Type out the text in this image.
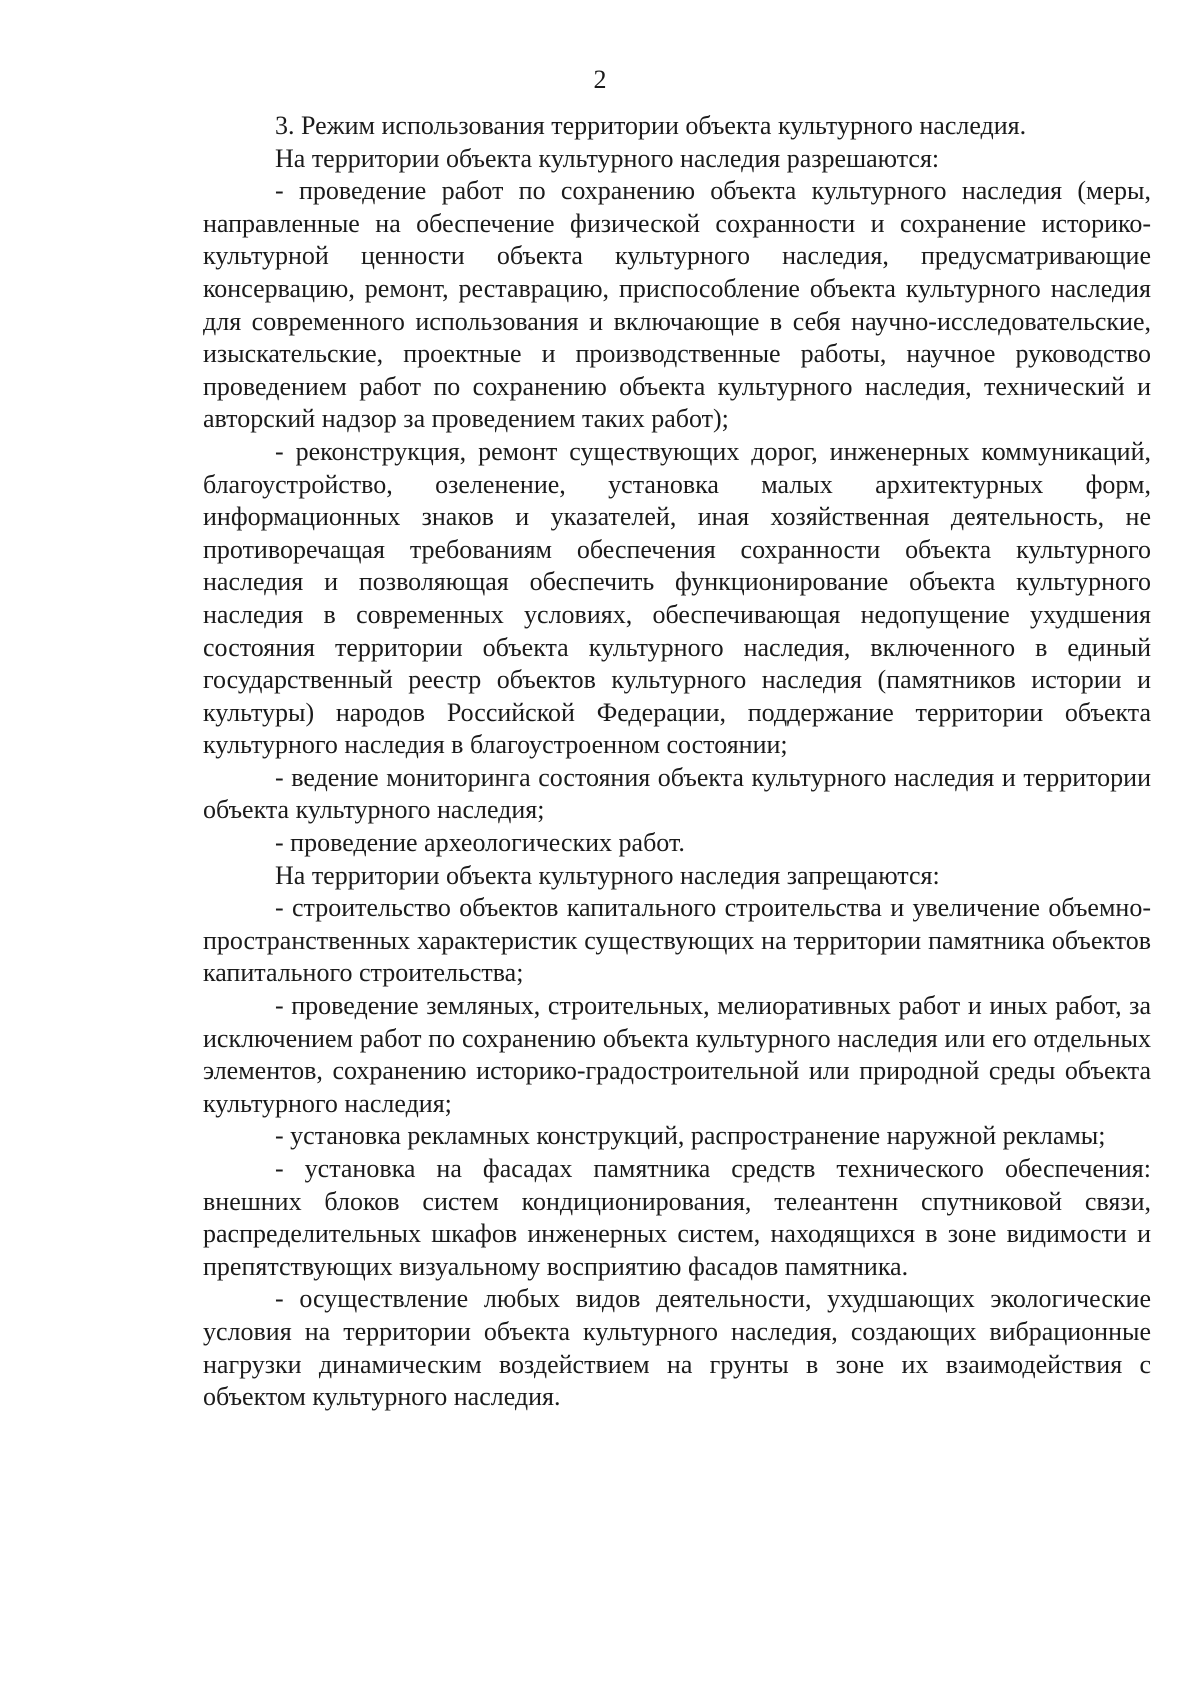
2

3. Режим использования территории объекта культурного наследия.

На территории объекта культурного наследия разрешаются:

- проведение работ по сохранению объекта культурного наследия (меры, направленные на обеспечение физической сохранности и сохранение историко-культурной ценности объекта культурного наследия, предусматривающие консервацию, ремонт, реставрацию, приспособление объекта культурного наследия для современного использования и включающие в себя научно-исследовательские, изыскательские, проектные и производственные работы, научное руководство проведением работ по сохранению объекта культурного наследия, технический и авторский надзор за проведением таких работ);

- реконструкция, ремонт существующих дорог, инженерных коммуникаций, благоустройство, озеленение, установка малых архитектурных форм, информационных знаков и указателей, иная хозяйственная деятельность, не противоречащая требованиям обеспечения сохранности объекта культурного наследия и позволяющая обеспечить функционирование объекта культурного наследия в современных условиях, обеспечивающая недопущение ухудшения состояния территории объекта культурного наследия, включенного в единый государственный реестр объектов культурного наследия (памятников истории и культуры) народов Российской Федерации, поддержание территории объекта культурного наследия в благоустроенном состоянии;

- ведение мониторинга состояния объекта культурного наследия и территории объекта культурного наследия;

- проведение археологических работ.

На территории объекта культурного наследия запрещаются:

- строительство объектов капитального строительства и увеличение объемно-пространственных характеристик существующих на территории памятника объектов капитального строительства;

- проведение земляных, строительных, мелиоративных работ и иных работ, за исключением работ по сохранению объекта культурного наследия или его отдельных элементов, сохранению историко-градостроительной или природной среды объекта культурного наследия;

- установка рекламных конструкций, распространение наружной рекламы;

- установка на фасадах памятника средств технического обеспечения: внешних блоков систем кондиционирования, телеантенн спутниковой связи, распределительных шкафов инженерных систем, находящихся в зоне видимости и препятствующих визуальному восприятию фасадов памятника.

- осуществление любых видов деятельности, ухудшающих экологические условия на территории объекта культурного наследия, создающих вибрационные нагрузки динамическим воздействием на грунты в зоне их взаимодействия с объектом культурного наследия.
